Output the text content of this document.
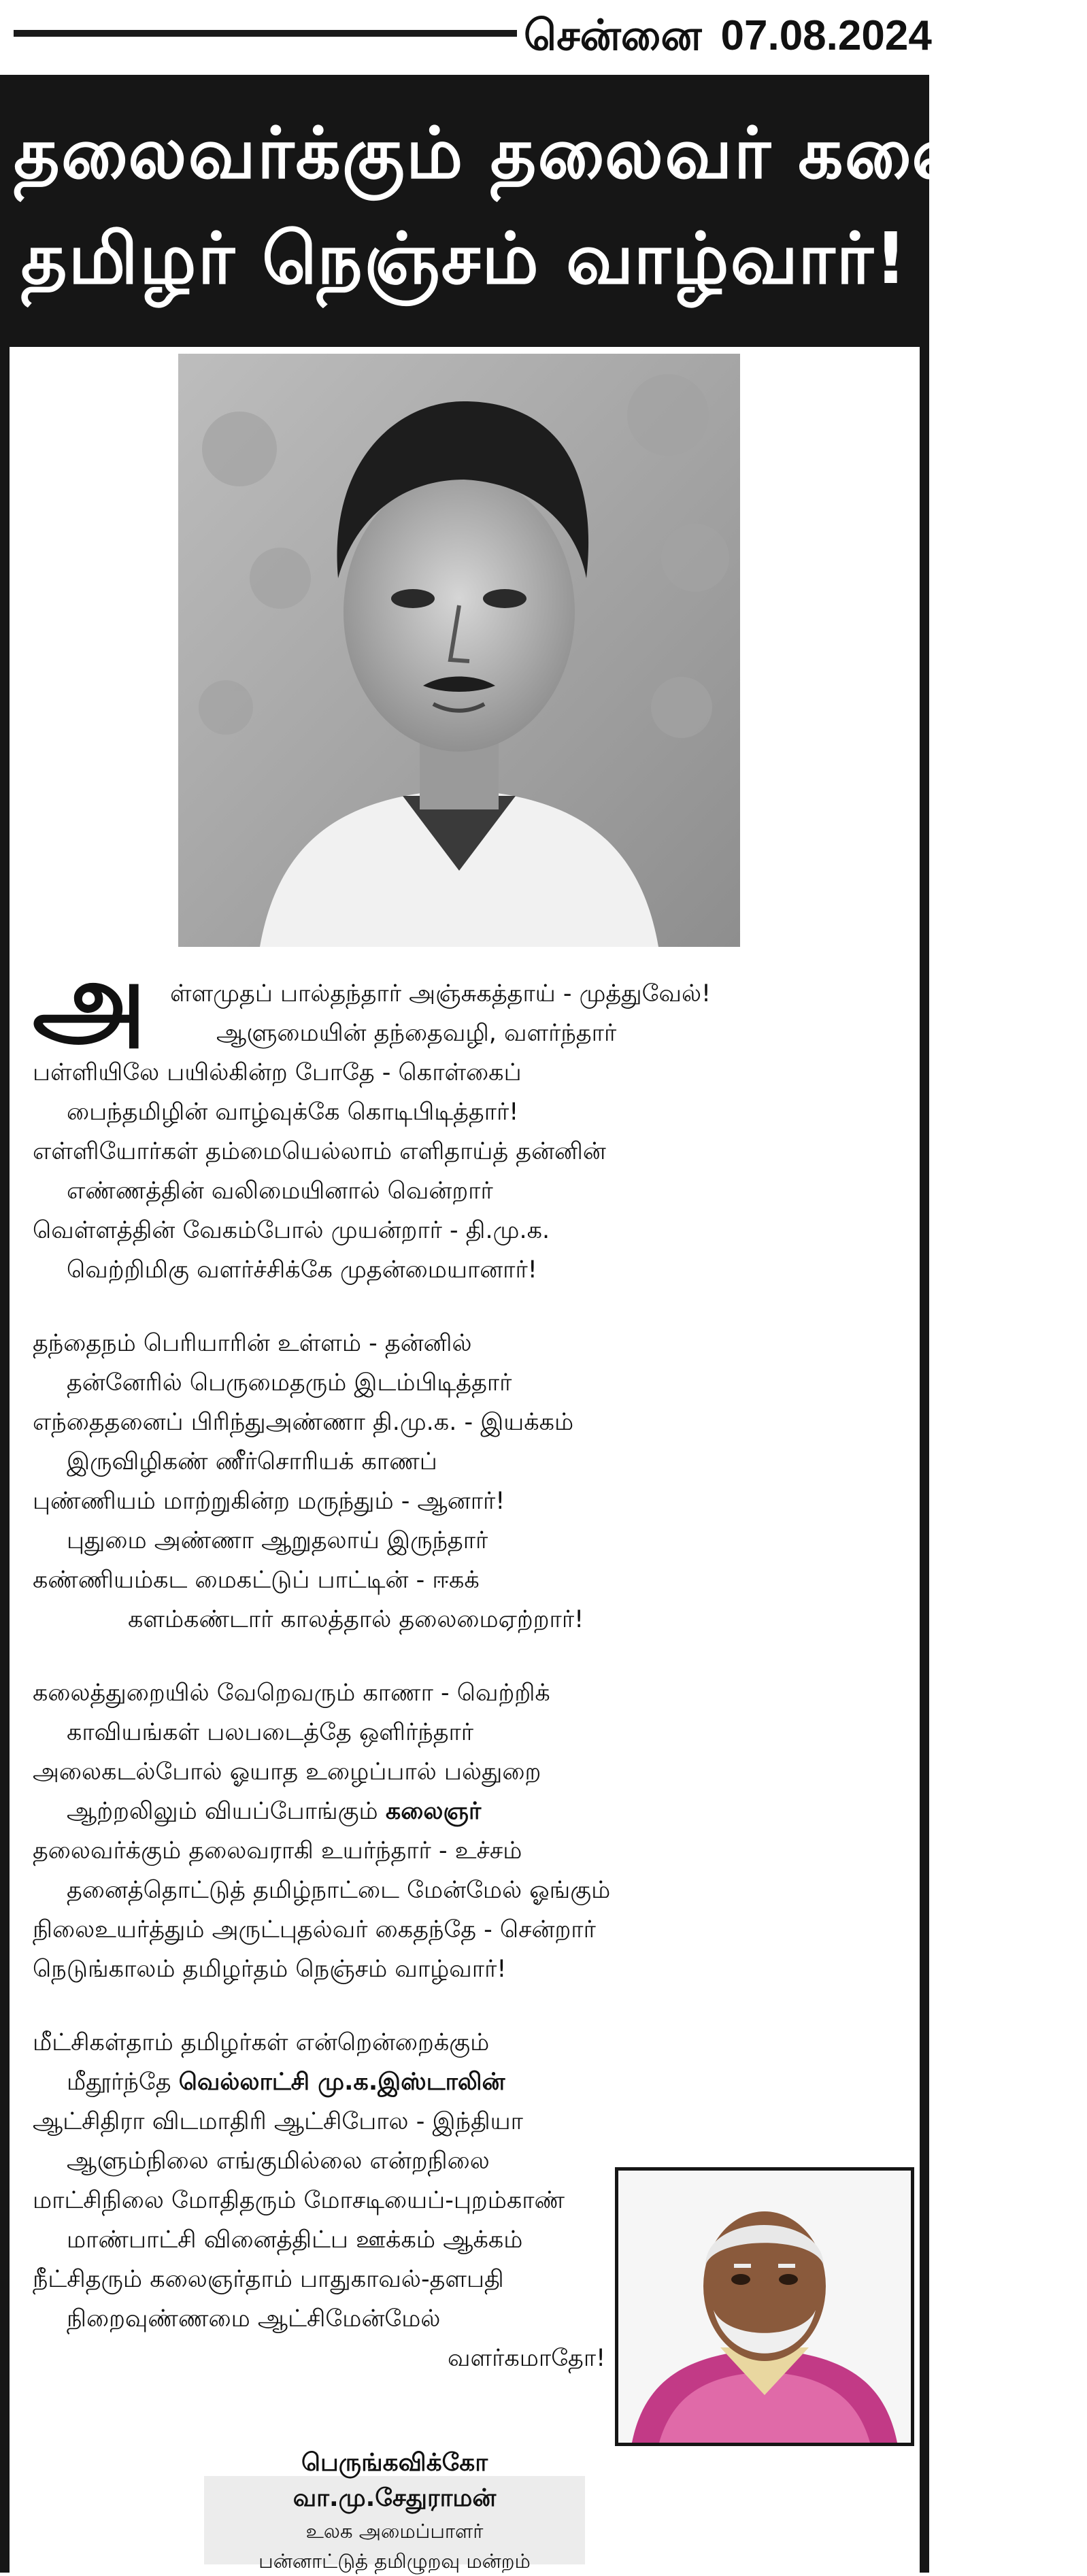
சென்னை 07.08.2024
தலைவர்க்கும் தலைவர் கலைஞர்
தமிழர் நெஞ்சம் வாழ்வார்!
அ	ள்ளமுதப் பால்தந்தார் அஞ்சுகத்தாய் - முத்துவேல்!
ஆளுமையின் தந்தைவழி, வளர்ந்தார்
பள்ளியிலே பயில்கின்ற போதே - கொள்கைப்
பைந்தமிழின் வாழ்வுக்கே கொடிபிடித்தார்!
எள்ளியோர்கள் தம்மையெல்லாம் எளிதாய்த் தன்னின்
எண்ணத்தின் வலிமையினால் வென்றார்
வெள்ளத்தின் வேகம்போல் முயன்றார் - தி.மு.க.
வெற்றிமிகு வளர்ச்சிக்கே முதன்மையானார்!
தந்தைநம் பெரியாரின் உள்ளம் - தன்னில்
தன்னேரில் பெருமைதரும் இடம்பிடித்தார்
எந்தைதனைப் பிரிந்துஅண்ணா தி.மு.க. - இயக்கம்
இருவிழிகண் ணீர்சொரியக் காணப்
புண்ணியம் மாற்றுகின்ற மருந்தும் - ஆனார்!
புதுமை அண்ணா ஆறுதலாய் இருந்தார்
கண்ணியம்கட மைகட்டுப் பாட்டின் - ஈகக்
களம்கண்டார் காலத்தால் தலைமைஏற்றார்!
கலைத்துறையில் வேறெவரும் காணா - வெற்றிக்
காவியங்கள் பலபடைத்தே ஒளிர்ந்தார்
அலைகடல்போல் ஓயாத உழைப்பால் பல்துறை
ஆற்றலிலும் வியப்போங்கும் கலைஞர்
தலைவர்க்கும் தலைவராகி உயர்ந்தார் - உச்சம்
தனைத்தொட்டுத் தமிழ்நாட்டை மேன்மேல் ஓங்கும்
நிலைஉயர்த்தும் அருட்புதல்வர் கைதந்தே - சென்றார்
நெடுங்காலம் தமிழர்தம் நெஞ்சம் வாழ்வார்!
மீட்சிகள்தாம் தமிழர்கள் என்றென்றைக்கும்
மீதூர்ந்தே வெல்லாட்சி மு.க.இஸ்டாலின்
ஆட்சிதிரா விடமாதிரி ஆட்சிபோல - இந்தியா
ஆளும்நிலை எங்குமில்லை என்றநிலை
மாட்சிநிலை மோதிதரும் மோசடியைப்-புறம்காண்
மாண்பாட்சி வினைத்திட்ப ஊக்கம் ஆக்கம்
நீட்சிதரும் கலைஞர்தாம் பாதுகாவல்-தளபதி
நிறைவுண்ணமை ஆட்சிமேன்மேல்
வளர்கமாதோ!
பெருங்கவிக்கோ வா.மு.சேதுராமன்
உலக அமைப்பாளர்
பன்னாட்டுத் தமிழுறவு மன்றம்
